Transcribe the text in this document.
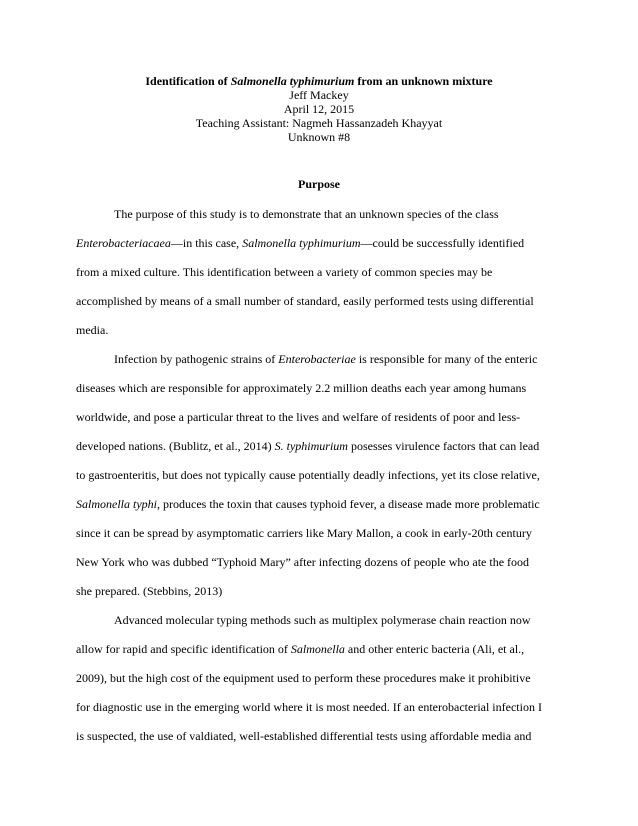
Identification of Salmonella typhimurium from an unknown mixture
Jeff Mackey
April 12, 2015
Teaching Assistant: Nagmeh Hassanzadeh Khayyat
Unknown #8
Purpose
The purpose of this study is to demonstrate that an unknown species of the class
Enterobacteriacaea—in this case, Salmonella typhimurium—could be successfully identified
from a mixed culture. This identification between a variety of common species may be
accomplished by means of a small number of standard, easily performed tests using differential
media.
Infection by pathogenic strains of Enterobacteriae is responsible for many of the enteric
diseases which are responsible for approximately 2.2 million deaths each year among humans
worldwide, and pose a particular threat to the lives and welfare of residents of poor and less-
developed nations. (Bublitz, et al., 2014) S. typhimurium posesses virulence factors that can lead
to gastroenteritis, but does not typically cause potentially deadly infections, yet its close relative,
Salmonella typhi, produces the toxin that causes typhoid fever, a disease made more problematic
since it can be spread by asymptomatic carriers like Mary Mallon, a cook in early-20th century
New York who was dubbed “Typhoid Mary” after infecting dozens of people who ate the food
she prepared. (Stebbins, 2013)
Advanced molecular typing methods such as multiplex polymerase chain reaction now
allow for rapid and specific identification of Salmonella and other enteric bacteria (Ali, et al.,
2009), but the high cost of the equipment used to perform these procedures make it prohibitive
for diagnostic use in the emerging world where it is most needed. If an enterobacterial infection I
is suspected, the use of valdiated, well-established differential tests using affordable media and
